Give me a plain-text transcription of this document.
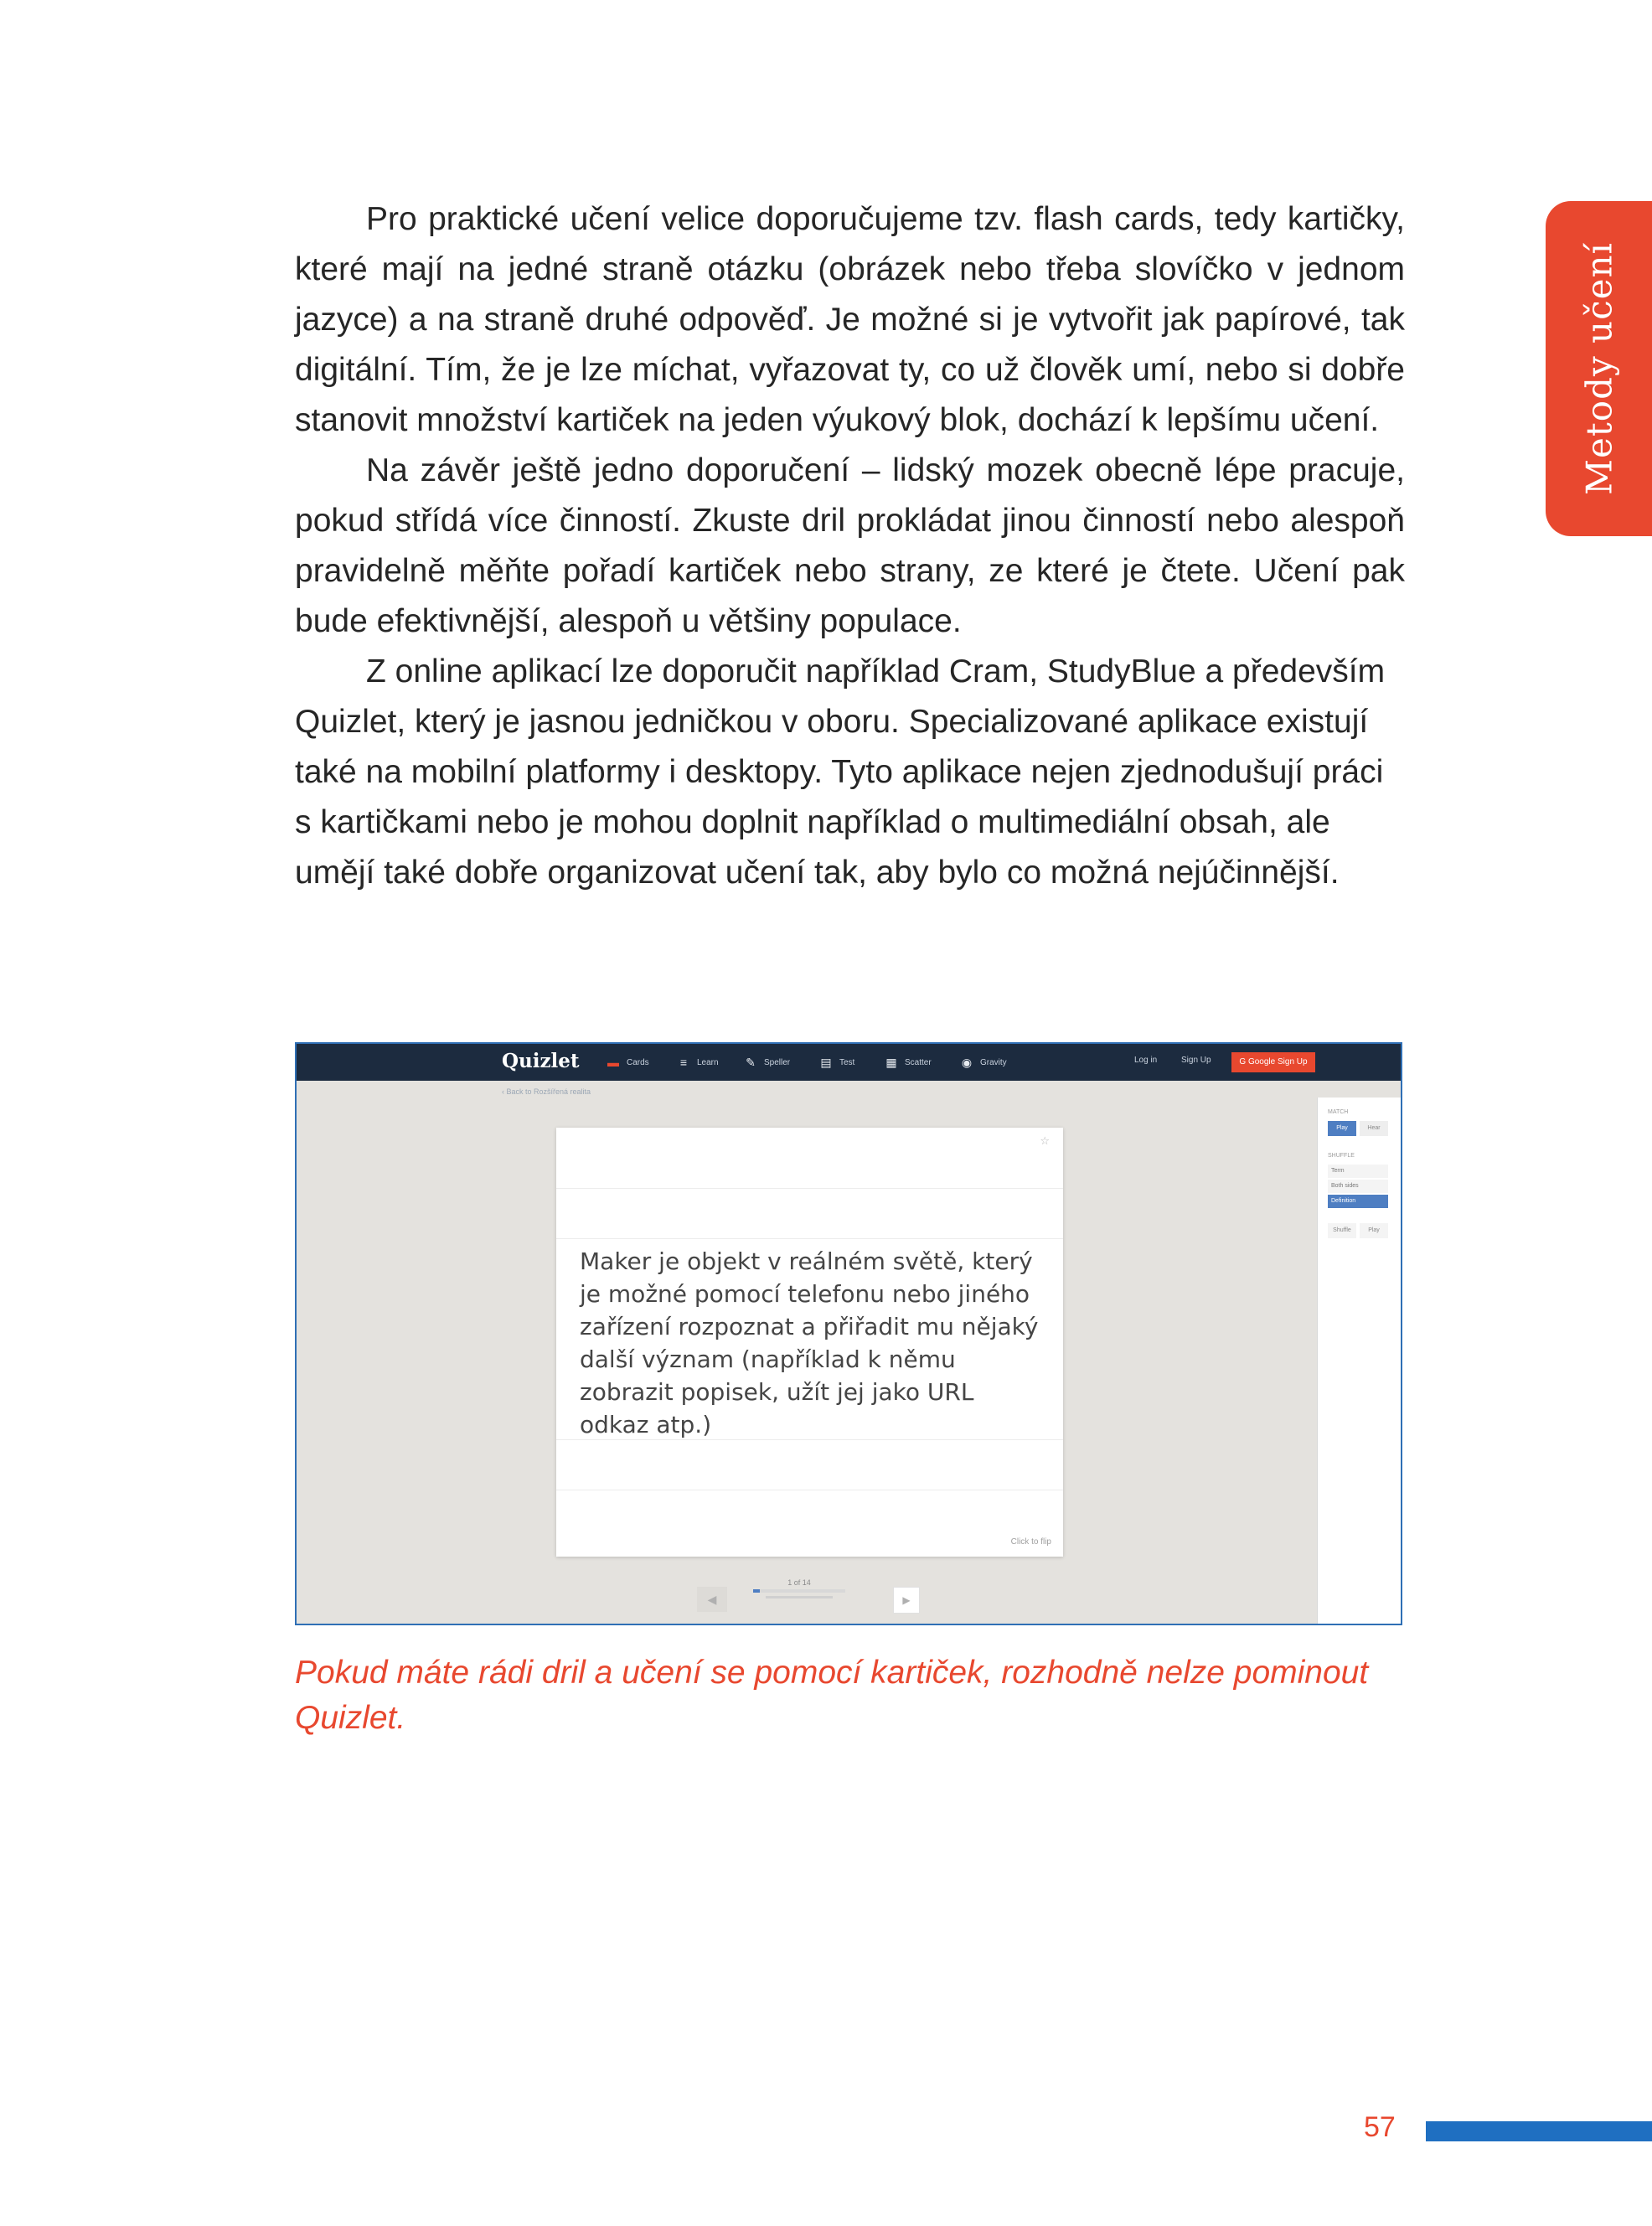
Metody učení

Pro praktické učení velice doporučujeme tzv. flash cards, tedy kartičky, které mají na jedné straně otázku (obrázek nebo třeba slovíčko v jednom jazyce) a na straně druhé odpověď. Je možné si je vytvořit jak papírové, tak digitální. Tím, že je lze míchat, vyřazovat ty, co už člověk umí, nebo si dobře stanovit množství kartiček na jeden výukový blok, dochází k lepšímu učení.

Na závěr ještě jedno doporučení – lidský mozek obecně lépe pracuje, pokud střídá více činností. Zkuste dril prokládat jinou činností nebo alespoň pravidelně měňte pořadí kartiček nebo strany, ze které je čtete. Učení pak bude efektivnější, alespoň u většiny populace.

Z online aplikací lze doporučit například Cram, StudyBlue a především Quizlet, který je jasnou jedničkou v oboru. Specializované aplikace existují také na mobilní platformy i desktopy. Tyto aplikace nejen zjednodušují práci s kartičkami nebo je mohou doplnit například o multimediální obsah, ale umějí také dobře organizovat učení tak, aby bylo co možná nejúčinnější.

Quizlet ▬ Cards	≡	Learn ✎	Speller	▤ Test	▦ Scatter	◉ Gravity	Log in	Sign Up	G Google Sign Up
‹ Back to Rozšířená realita
☆
Maker je objekt v reálném světě, který je možné pomocí telefonu nebo jiného zařízení rozpoznat a přiřadit mu nějaký další význam (například k němu zobrazit popisek, užít jej jako URL odkaz atp.)
Click to flip
◀
1 of 14
▶
MATCH
Play	Hear
SHUFFLE
Term
Both sides
Definition
Shuffle	Play
Pokud máte rádi dril a učení se pomocí kartiček, rozhodně nelze pominout Quizlet.
57
